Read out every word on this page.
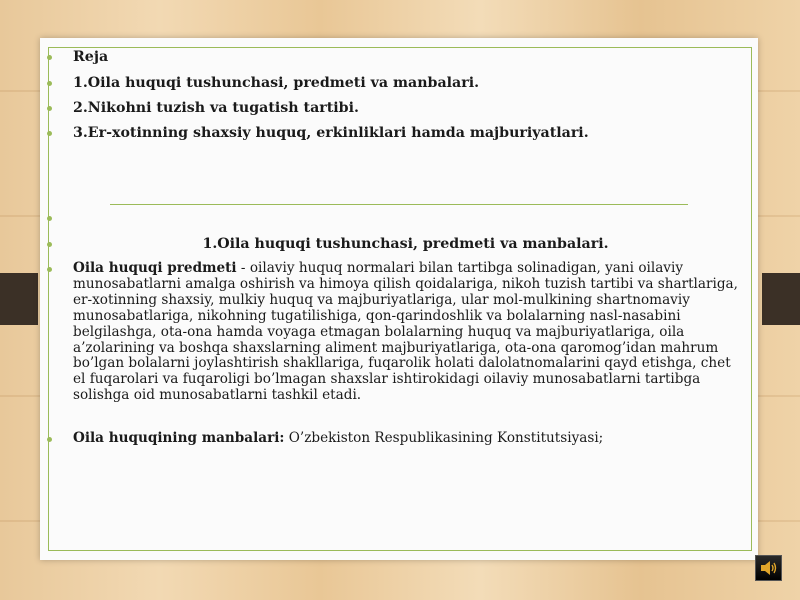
Reja
1.Oila huquqi tushunchasi, predmeti va manbalari.
2.Nikohni tuzish va tugatish tartibi.
3.Er-xotinning shaxsiy huquq, erkinliklari hamda majburiyatlari.
1.Oila huquqi tushunchasi, predmeti va manbalari.
Oila huquqi predmeti - oilaviy huquq normalari bilan tartibga solinadigan, yani oilaviy munosabatlarni amalga oshirish va himoya qilish qoidalariga, nikoh tuzish tartibi va shartlariga, er-xotinning shaxsiy, mulkiy huquq va majburiyatlariga, ular mol-mulkining shartnomaviy munosabatlariga, nikohning tugatilishiga, qon-qarindoshlik va bolalarning nasl-nasabini belgilashga, ota-ona hamda voyaga etmagan bolalarning huquq va majburiyatlariga, oila a’zolarining va boshqa shaxslarning aliment majburiyatlariga, ota-ona qaromog’idan mahrum bo’lgan bolalarni joylashtirish shakllariga, fuqarolik holati dalolatnomalarini qayd etishga, chet el fuqarolari va fuqaroligi bo’lmagan shaxslar ishtirokidagi oilaviy munosabatlarni tartibga solishga oid munosabatlarni tashkil etadi.
Oila huquqining manbalari: O’zbekiston Respublikasining Konstitutsiyasi;
